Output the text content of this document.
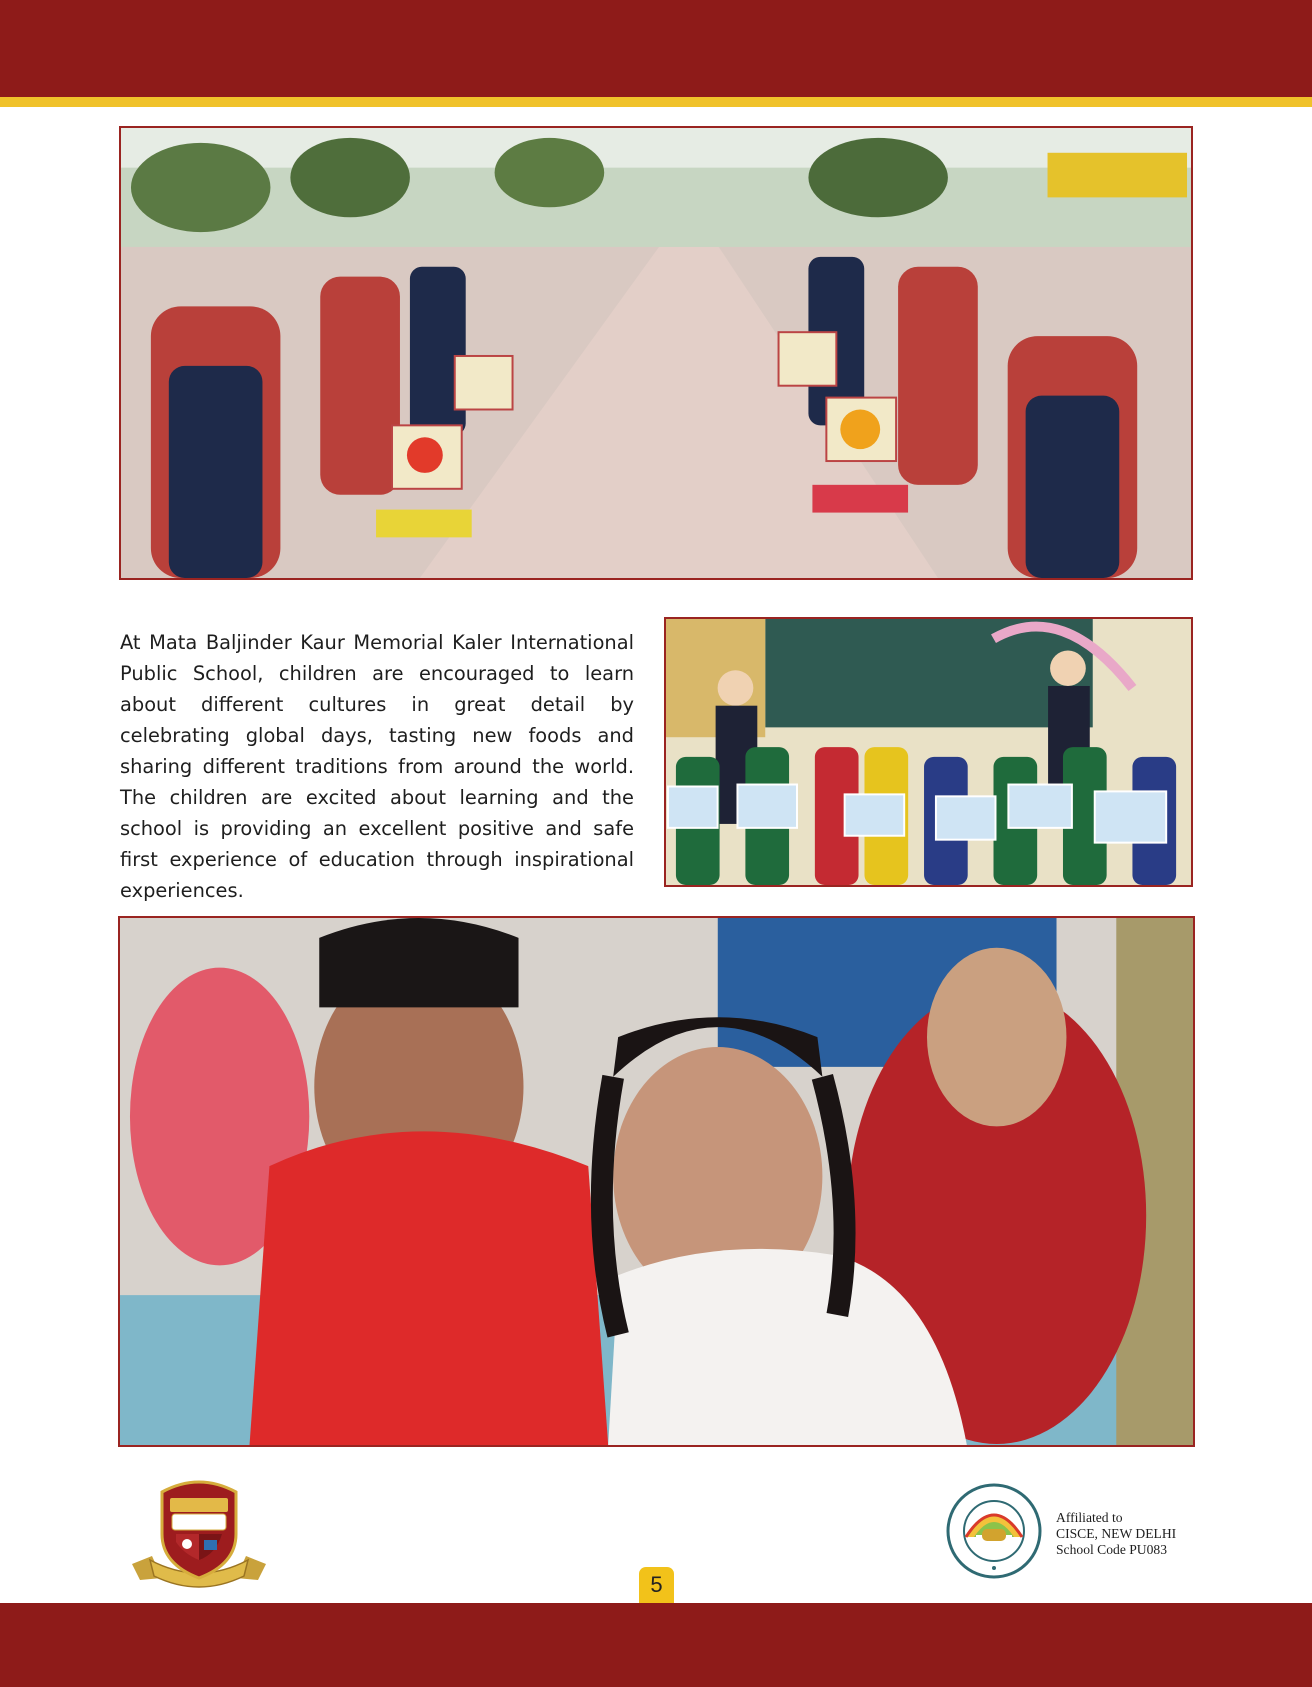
At Mata Baljinder Kaur Memorial Kaler International Public School, children are encouraged to learn about different cultures in great detail by celebrating global days, tasting new foods and sharing different traditions from around the world. The children are excited about learning and the school is providing an excellent positive and safe first experience of education through inspirational experiences.

Affiliated to
CISCE, NEW DELHI
School Code PU083
5
